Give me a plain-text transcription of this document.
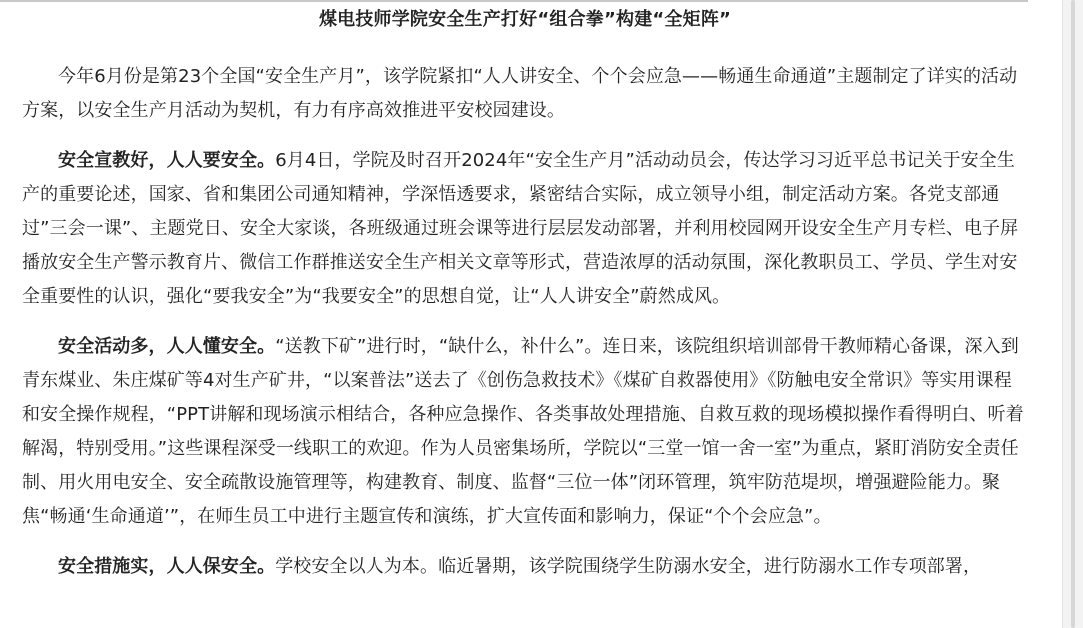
煤电技师学院安全生产打好“组合拳”构建“全矩阵”

今年6月份是第23个全国“安全生产月”，该学院紧扣“人人讲安全、个个会应急——畅通生命通道”主题制定了详实的活动方案，以安全生产月活动为契机，有力有序高效推进平安校园建设。

安全宣教好，人人要安全。6月4日，学院及时召开2024年“安全生产月”活动动员会，传达学习习近平总书记关于安全生产的重要论述，国家、省和集团公司通知精神，学深悟透要求，紧密结合实际，成立领导小组，制定活动方案。各党支部通过”三会一课”、主题党日、安全大家谈，各班级通过班会课等进行层层发动部署，并利用校园网开设安全生产月专栏、电子屏播放安全生产警示教育片、微信工作群推送安全生产相关文章等形式，营造浓厚的活动氛围，深化教职员工、学员、学生对安全重要性的认识，强化“要我安全”为“我要安全”的思想自觉，让“人人讲安全”蔚然成风。

安全活动多，人人懂安全。“送教下矿”进行时，“缺什么，补什么”。连日来，该院组织培训部骨干教师精心备课，深入到青东煤业、朱庄煤矿等4对生产矿井，“以案普法”送去了《创伤急救技术》《煤矿自救器使用》《防触电安全常识》等实用课程和安全操作规程，“PPT讲解和现场演示相结合，各种应急操作、各类事故处理措施、自救互救的现场模拟操作看得明白、听着解渴，特别受用。”这些课程深受一线职工的欢迎。作为人员密集场所，学院以“三堂一馆一舍一室”为重点，紧盯消防安全责任制、用火用电安全、安全疏散设施管理等，构建教育、制度、监督“三位一体”闭环管理，筑牢防范堤坝，增强避险能力。聚焦“畅通‘生命通道’”，在师生员工中进行主题宣传和演练，扩大宣传面和影响力，保证“个个会应急”。

安全措施实，人人保安全。学校安全以人为本。临近暑期，该学院围绕学生防溺水安全，进行防溺水工作专项部署，
